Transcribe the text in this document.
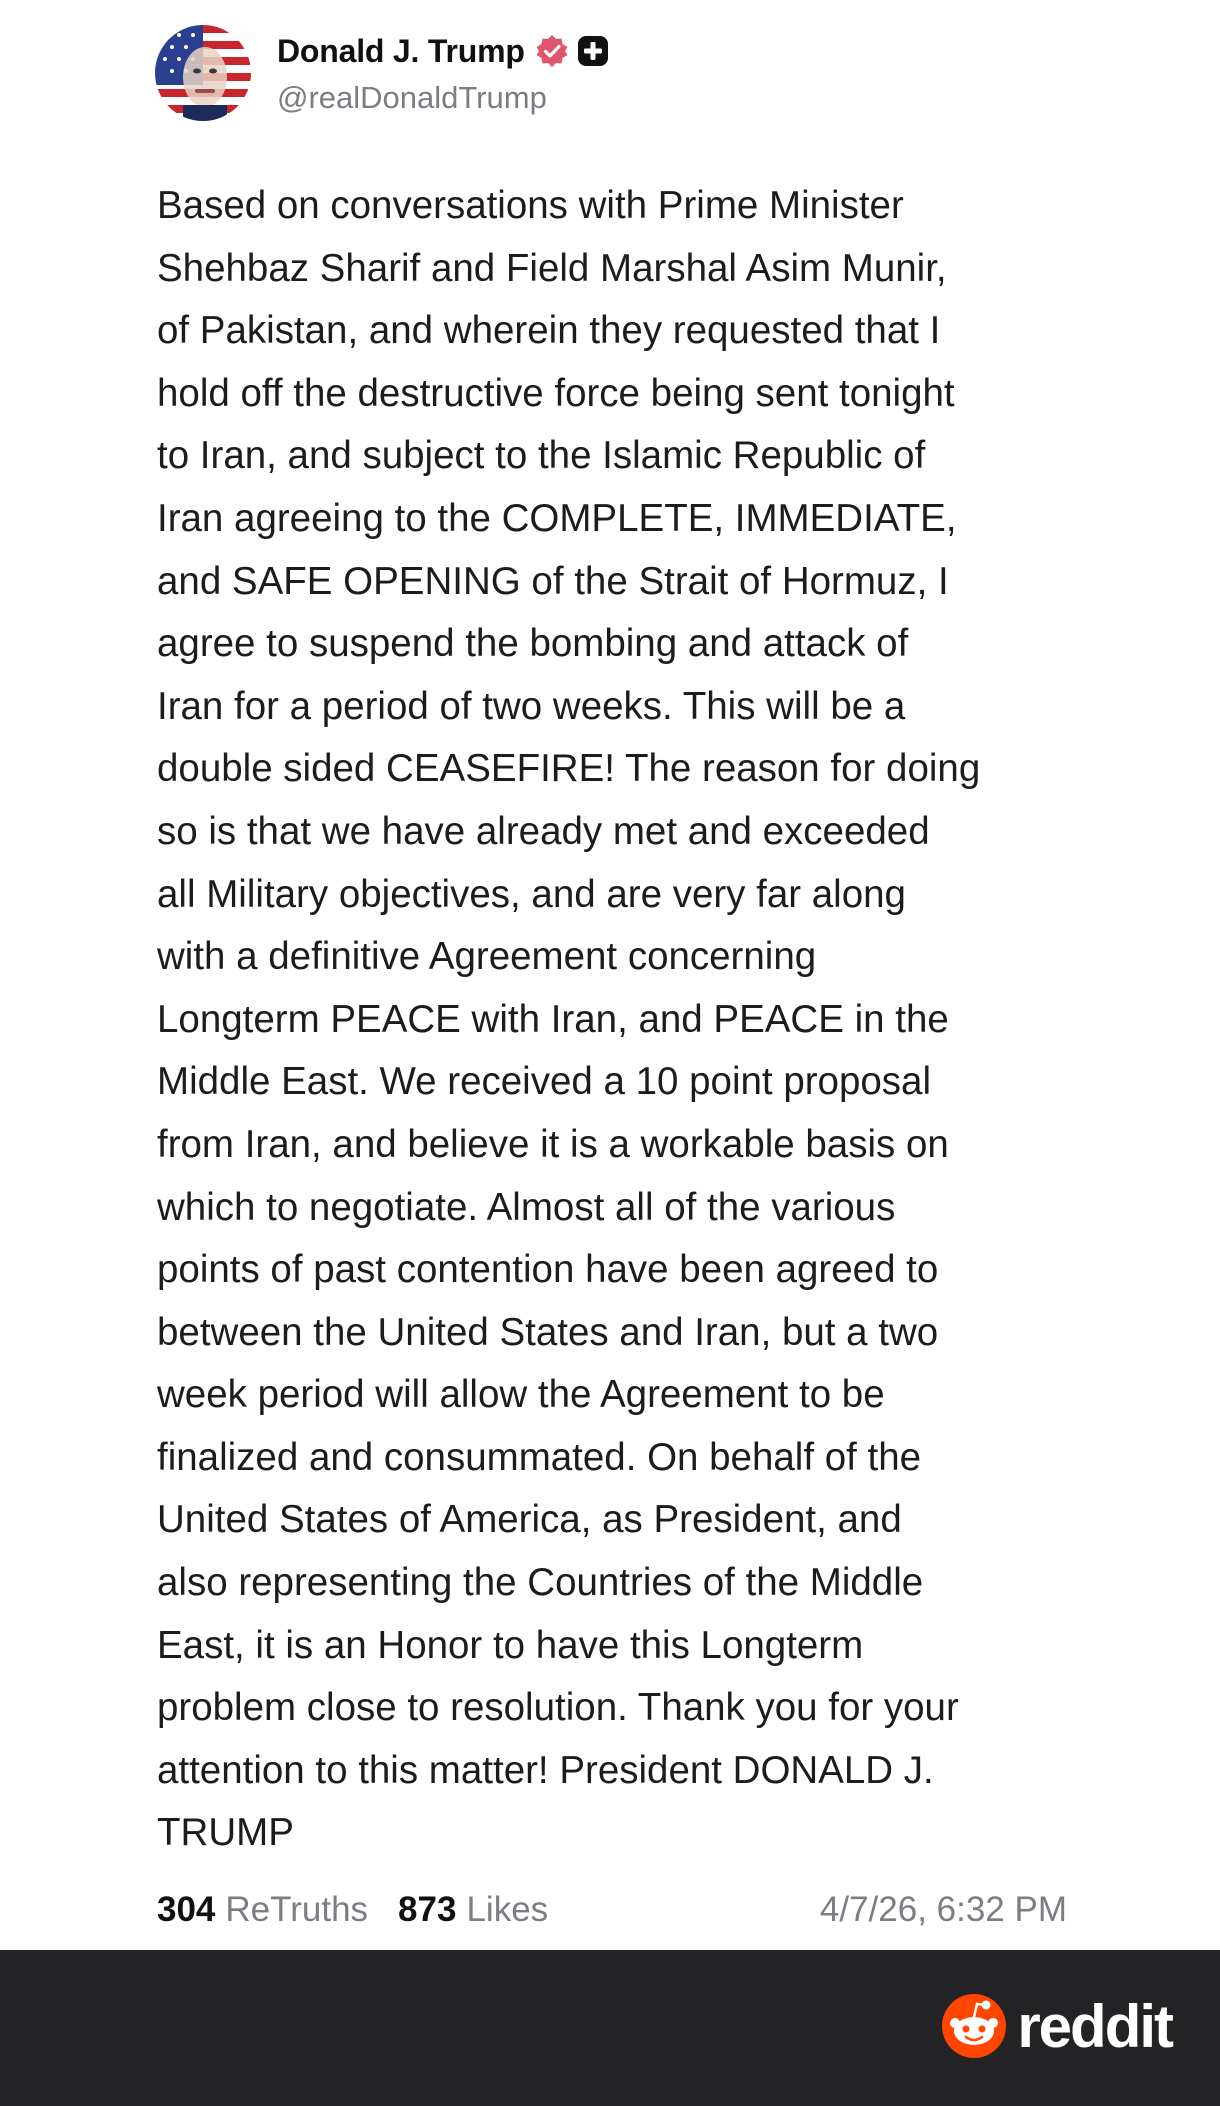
Donald J. Trump
@realDonaldTrump

Based on conversations with Prime Minister
Shehbaz Sharif and Field Marshal Asim Munir,
of Pakistan, and wherein they requested that I
hold off the destructive force being sent tonight
to Iran, and subject to the Islamic Republic of
Iran agreeing to the COMPLETE, IMMEDIATE,
and SAFE OPENING of the Strait of Hormuz, I
agree to suspend the bombing and attack of
Iran for a period of two weeks. This will be a
double sided CEASEFIRE! The reason for doing
so is that we have already met and exceeded
all Military objectives, and are very far along
with a definitive Agreement concerning
Longterm PEACE with Iran, and PEACE in the
Middle East. We received a 10 point proposal
from Iran, and believe it is a workable basis on
which to negotiate. Almost all of the various
points of past contention have been agreed to
between the United States and Iran, but a two
week period will allow the Agreement to be
finalized and consummated. On behalf of the
United States of America, as President, and
also representing the Countries of the Middle
East, it is an Honor to have this Longterm
problem close to resolution. Thank you for your
attention to this matter! President DONALD J.
TRUMP

304 ReTruths 873 Likes	4/7/26, 6:32 PM
reddit
